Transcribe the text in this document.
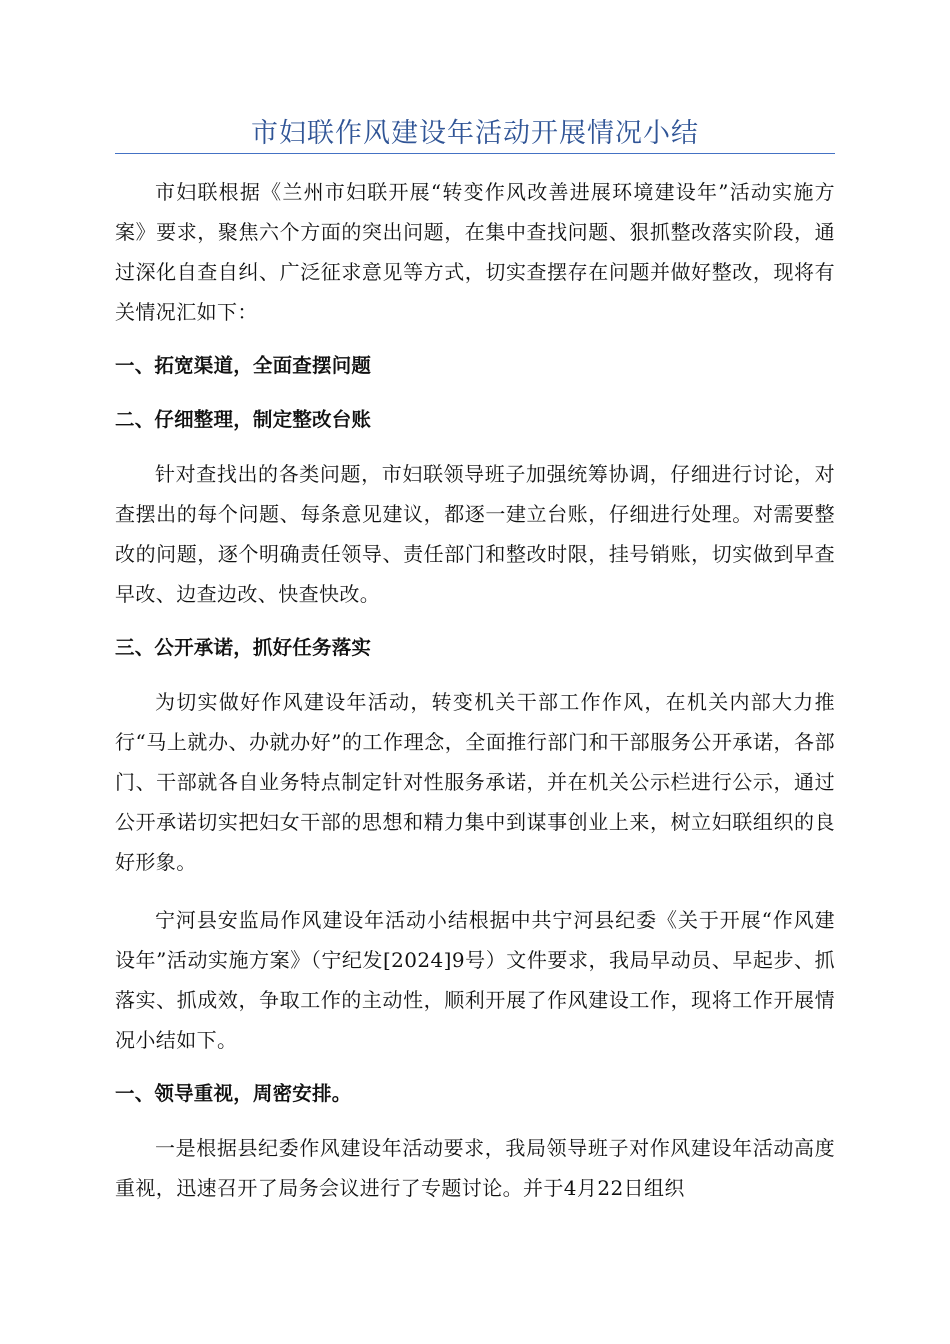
市妇联作风建设年活动开展情况小结

市妇联根据《兰州市妇联开展“转变作风改善进展环境建设年”活动实施方案》要求，聚焦六个方面的突出问题，在集中查找问题、狠抓整改落实阶段，通过深化自查自纠、广泛征求意见等方式，切实查摆存在问题并做好整改，现将有关情况汇如下：

一、拓宽渠道，全面查摆问题
二、仔细整理，制定整改台账

针对查找出的各类问题，市妇联领导班子加强统筹协调，仔细进行讨论，对查摆出的每个问题、每条意见建议，都逐一建立台账，仔细进行处理。对需要整改的问题，逐个明确责任领导、责任部门和整改时限，挂号销账，切实做到早查早改、边查边改、快查快改。

三、公开承诺，抓好任务落实

为切实做好作风建设年活动，转变机关干部工作作风，在机关内部大力推行“马上就办、办就办好”的工作理念，全面推行部门和干部服务公开承诺，各部门、干部就各自业务特点制定针对性服务承诺，并在机关公示栏进行公示，通过公开承诺切实把妇女干部的思想和精力集中到谋事创业上来，树立妇联组织的良好形象。

宁河县安监局作风建设年活动小结根据中共宁河县纪委《关于开展“作风建设年”活动实施方案》（宁纪发[2024]9号）文件要求，我局早动员、早起步、抓落实、抓成效，争取工作的主动性，顺利开展了作风建设工作，现将工作开展情况小结如下。

一、领导重视，周密安排。

一是根据县纪委作风建设年活动要求，我局领导班子对作风建设年活动高度重视，迅速召开了局务会议进行了专题讨论。并于4月22日组织
